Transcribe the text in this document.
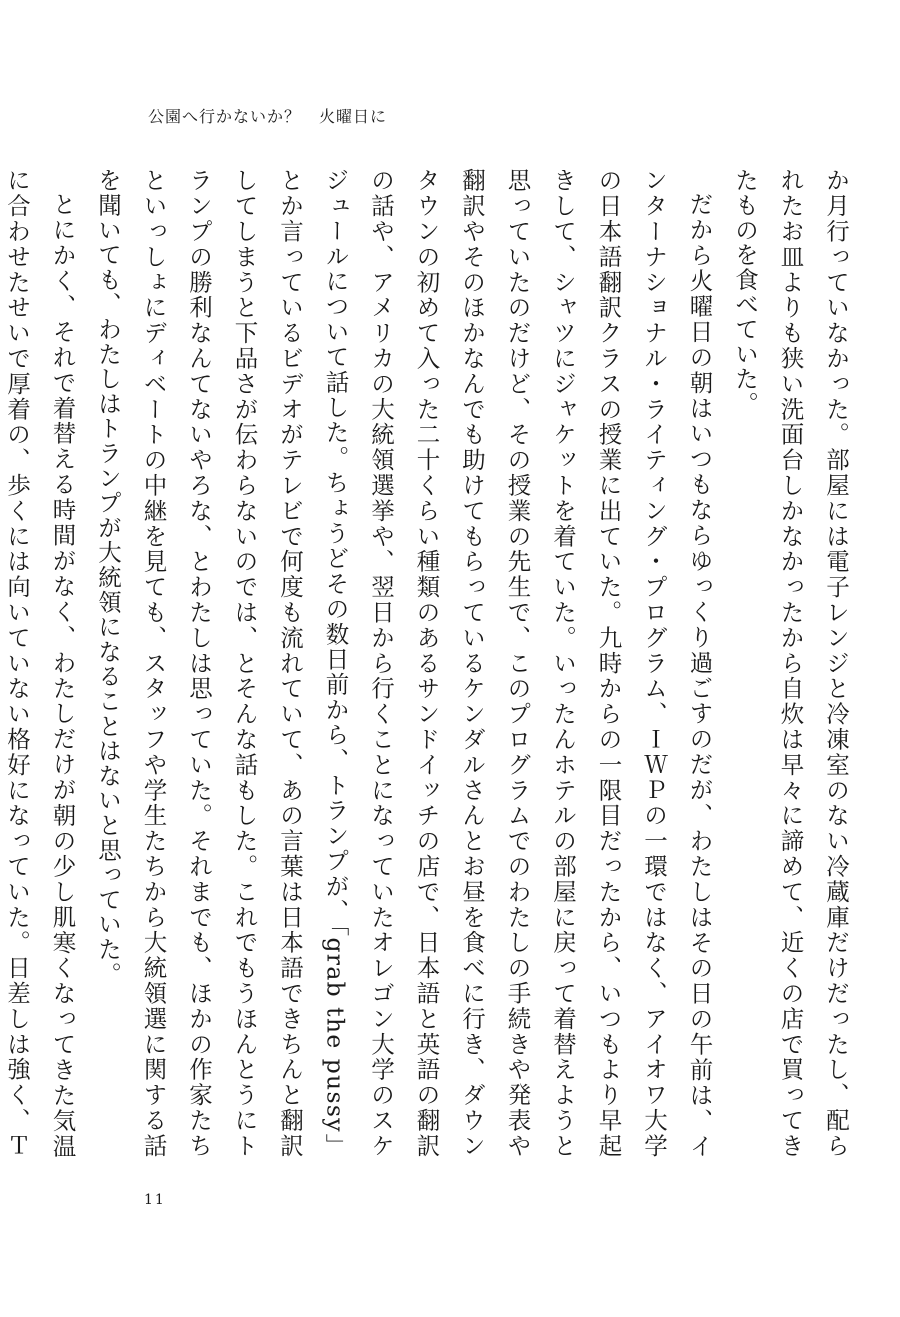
公園へ行かないか？ 火曜日に

か月行っていなかった。部屋には電子レンジと冷凍室のない冷蔵庫だけだったし、配られたお皿よりも狭い洗面台しかなかったから自炊は早々に諦めて、近くの店で買ってきたものを食べていた。

だから火曜日の朝はいつもならゆっくり過ごすのだが、わたしはその日の午前は、インターナショナル・ライティング・プログラム、ＩＷＰの一環ではなく、アイオワ大学の日本語翻訳クラスの授業に出ていた。九時からの一限目だったから、いつもより早起きして、シャツにジャケットを着ていた。いったんホテルの部屋に戻って着替えようと思っていたのだけど、その授業の先生で、このプログラムでのわたしの手続きや発表や翻訳やそのほかなんでも助けてもらっているケンダルさんとお昼を食べに行き、ダウンタウンの初めて入った二十くらい種類のあるサンドイッチの店で、日本語と英語の翻訳の話や、アメリカの大統領選挙や、翌日から行くことになっていたオレゴン大学のスケジュールについて話した。ちょうどその数日前から、トランプが、「grab the pussy」とか言っているビデオがテレビで何度も流れていて、あの言葉は日本語できちんと翻訳してしまうと下品さが伝わらないのでは、とそんな話もした。これでもうほんとうにトランプの勝利なんてないやろな、とわたしは思っていた。それまでも、ほかの作家たちといっしょにディベートの中継を見ても、スタッフや学生たちから大統領選に関する話を聞いても、わたしはトランプが大統領になることはないと思っていた。

とにかく、それで着替える時間がなく、わたしだけが朝の少し肌寒くなってきた気温に合わせたせいで厚着の、歩くには向いていない格好になっていた。日差しは強く、Ｔ

11
